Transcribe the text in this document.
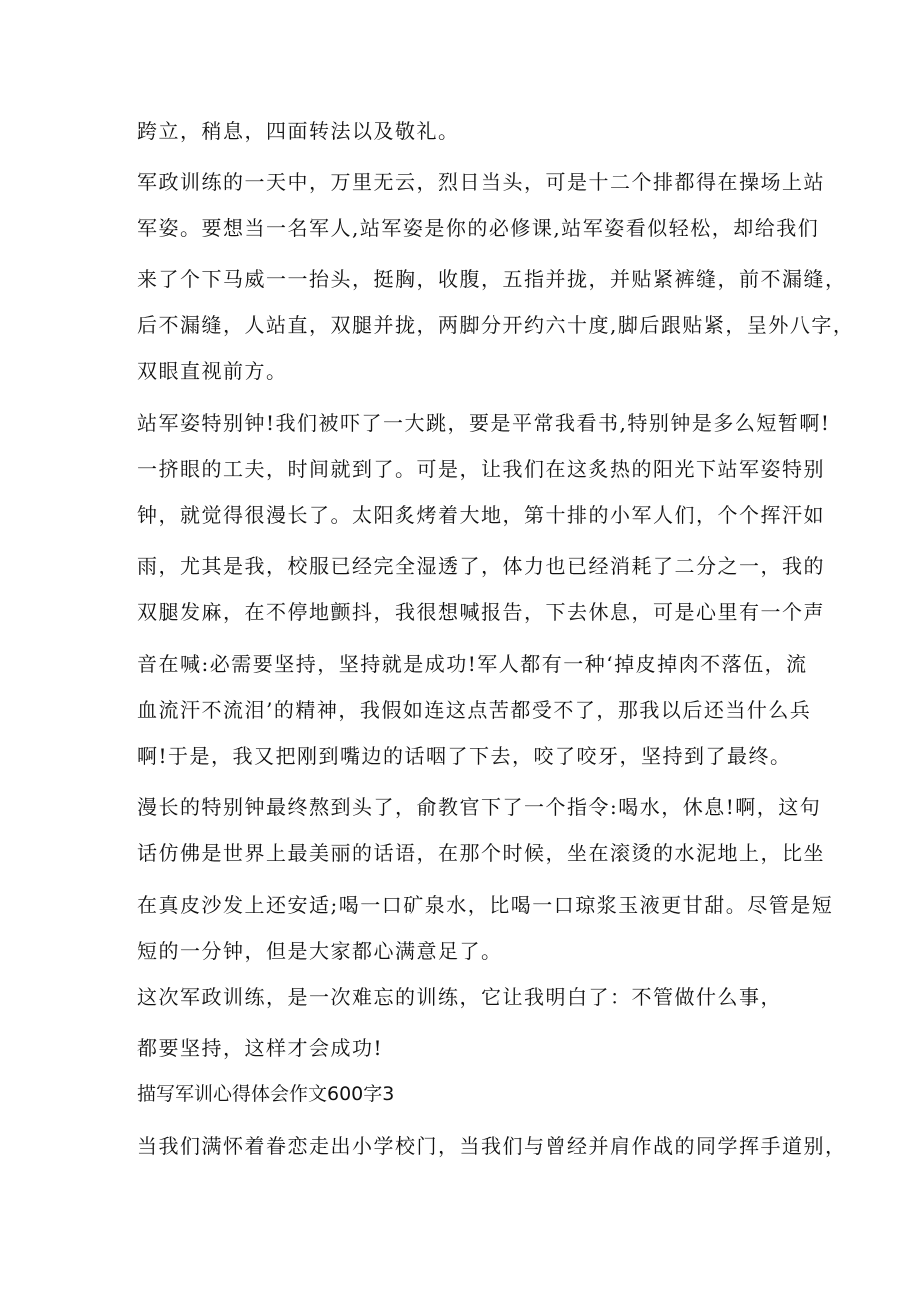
跨立，稍息，四面转法以及敬礼。

军政训练的一天中，万里无云，烈日当头，可是十二个排都得在操场上站

军姿。要想当一名军人,站军姿是你的必修课,站军姿看似轻松，却给我们

来了个下马威一一抬头，挺胸，收腹，五指并拢，并贴紧裤缝，前不漏缝，

后不漏缝，人站直，双腿并拢，两脚分开约六十度,脚后跟贴紧，呈外八字，

双眼直视前方。

站军姿特别钟!我们被吓了一大跳，要是平常我看书,特别钟是多么短暂啊!

一挤眼的工夫，时间就到了。可是，让我们在这炙热的阳光下站军姿特别

钟，就觉得很漫长了。太阳炙烤着大地，第十排的小军人们，个个挥汗如

雨，尤其是我，校服已经完全湿透了，体力也已经消耗了二分之一，我的

双腿发麻，在不停地颤抖，我很想喊报告，下去休息，可是心里有一个声

音在喊:必需要坚持，坚持就是成功!军人都有一种‘掉皮掉肉不落伍，流

血流汗不流泪’的精神，我假如连这点苦都受不了，那我以后还当什么兵

啊!于是，我又把刚到嘴边的话咽了下去，咬了咬牙，坚持到了最终。

漫长的特别钟最终熬到头了，俞教官下了一个指令:喝水，休息!啊，这句

话仿佛是世界上最美丽的话语，在那个时候，坐在滚烫的水泥地上，比坐

在真皮沙发上还安适;喝一口矿泉水，比喝一口琼浆玉液更甘甜。尽管是短

短的一分钟，但是大家都心满意足了。

这次军政训练，是一次难忘的训练，它让我明白了：不管做什么事，

都要坚持，这样才会成功!

描写军训心得体会作文600字3

当我们满怀着眷恋走出小学校门，当我们与曾经并肩作战的同学挥手道别，
